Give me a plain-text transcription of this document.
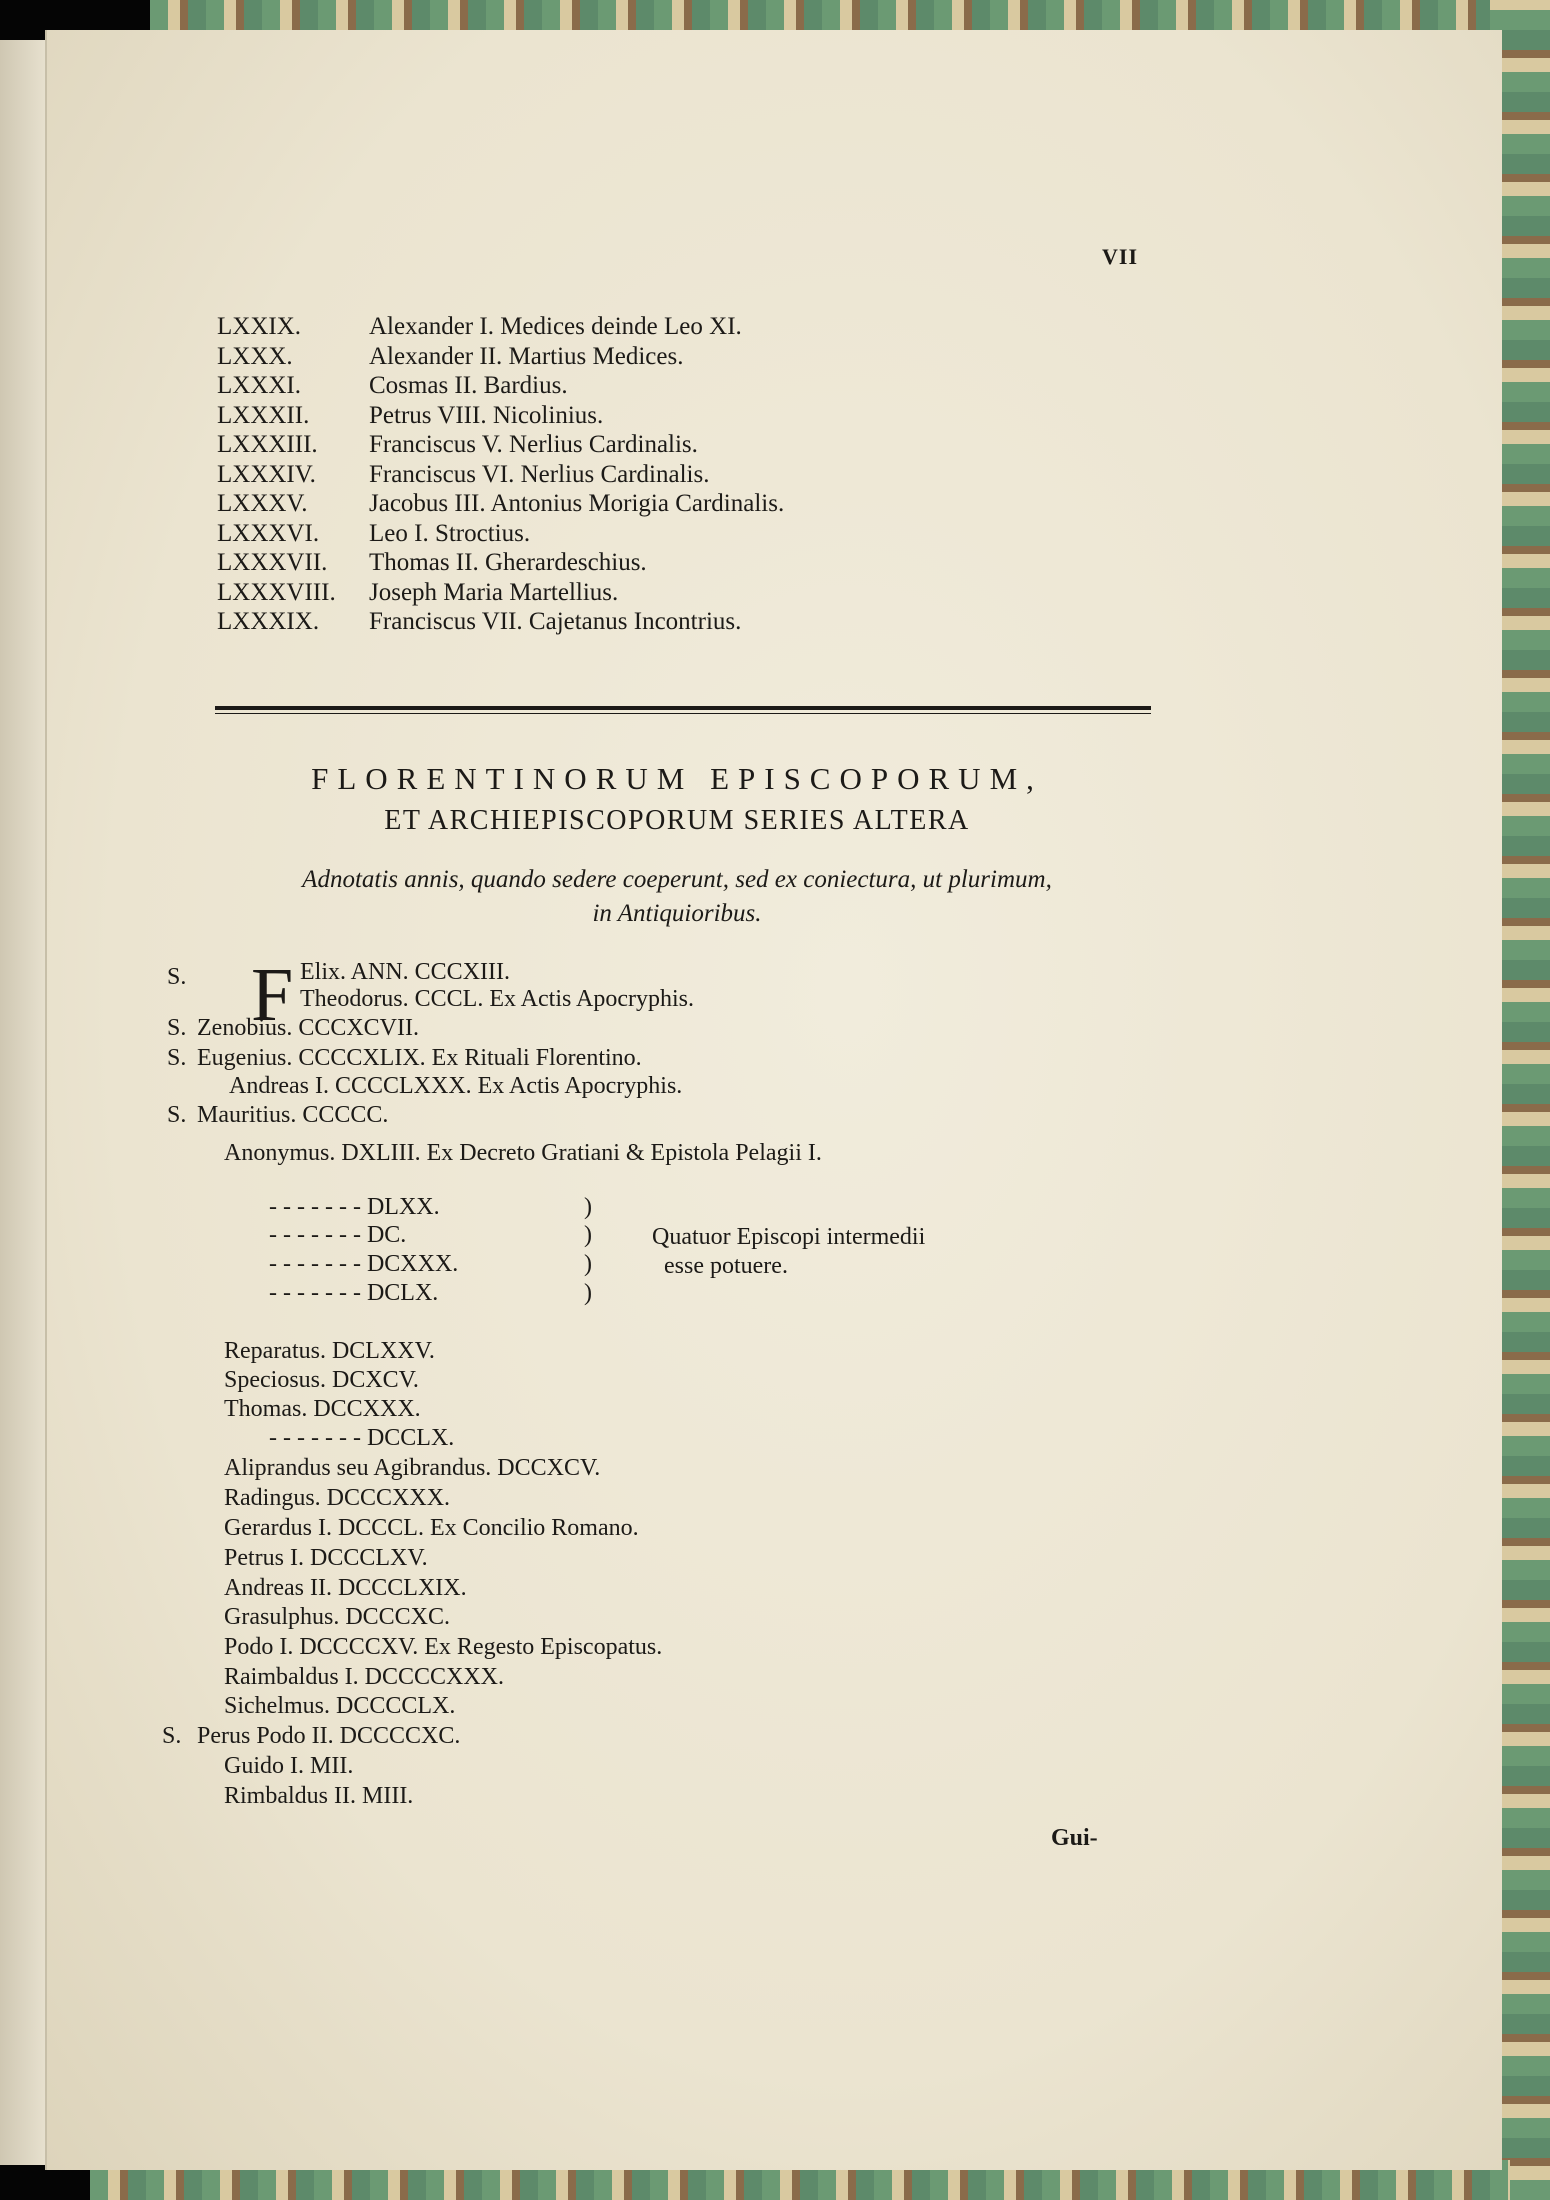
VII
LXXIX.	Alexander I. Medices deinde Leo XI.
LXXX.	Alexander II. Martius Medices.
LXXXI.	Cosmas II. Bardius.
LXXXII.	Petrus VIII. Nicolinius.
LXXXIII.	Franciscus V. Nerlius Cardinalis.
LXXXIV.	Franciscus VI. Nerlius Cardinalis.
LXXXV.	Jacobus III. Antonius Morigia Cardinalis.
LXXXVI.	Leo I. Stroctius.
LXXXVII.	Thomas II. Gherardeschius.
LXXXVIII.	Joseph Maria Martellius.
LXXXIX.	Franciscus VII. Cajetanus Incontrius.
FLORENTINORUM EPISCOPORUM,
ET ARCHIEPISCOPORUM SERIES ALTERA
Adnotatis annis, quando sedere coeperunt, sed ex coniectura, ut plurimum,
in Antiquioribus.
S. F Elix. ANN. CCCXIII.
Theodorus. CCCL. Ex Actis Apocryphis.
S. Zenobius. CCCXCVII.
S. Eugenius. CCCCXLIX. Ex Rituali Florentino.
Andreas I. CCCCLXXX. Ex Actis Apocryphis.
S. Mauritius. CCCCC.
Anonymus. DXLIII. Ex Decreto Gratiani & Epistola Pelagii I.
- - - - - - - DLXX.	)
- - - - - - - DC.	)
- - - - - - - DCXXX.	)
- - - - - - - DCLX.	)
Quatuor Episcopi intermedii
esse potuere.
Reparatus. DCLXXV.
Speciosus. DCXCV.
Thomas. DCCXXX.
- - - - - - - DCCLX.
Aliprandus seu Agibrandus. DCCXCV.
Radingus. DCCCXXX.
Gerardus I. DCCCL. Ex Concilio Romano.
Petrus I. DCCCLXV.
Andreas II. DCCCLXIX.
Grasulphus. DCCCXC.
Podo I. DCCCCXV. Ex Regesto Episcopatus.
Raimbaldus I. DCCCCXXX.
Sichelmus. DCCCCLX.
S. Perus Podo II. DCCCCXC.
Guido I. MII.
Rimbaldus II. MIII.
Gui-
